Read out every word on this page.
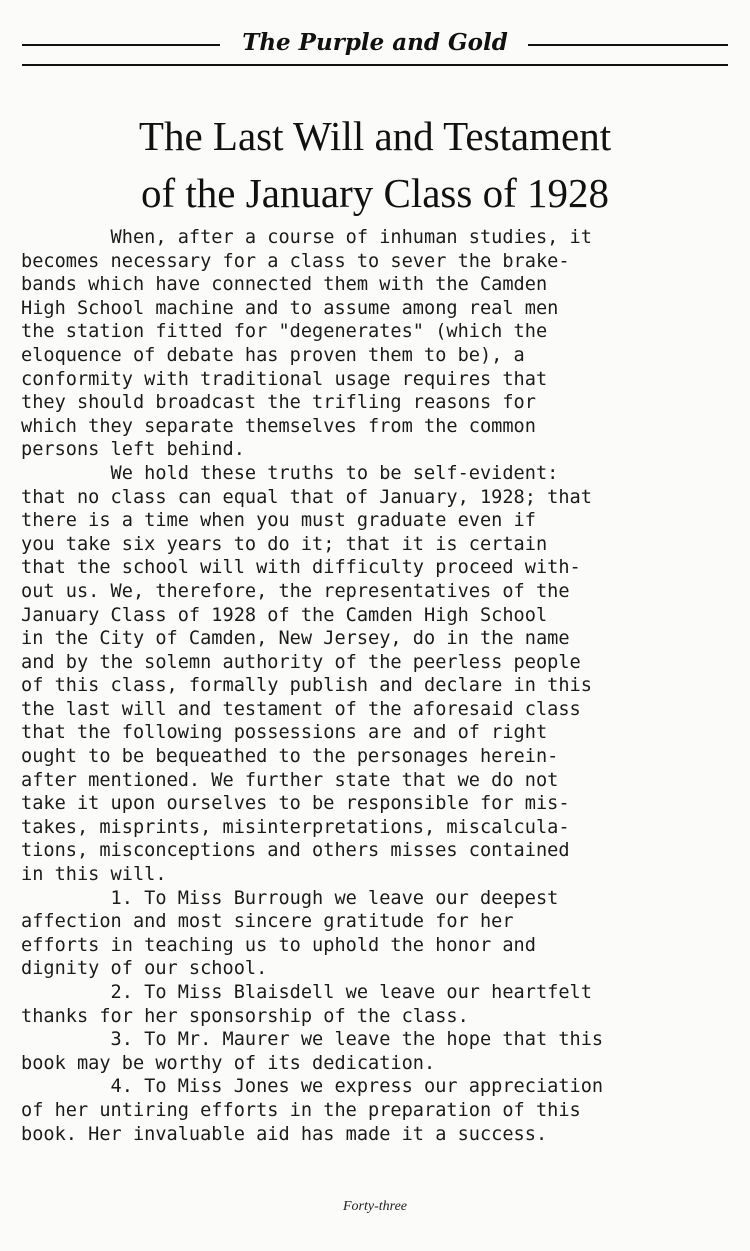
The Purple and Gold
The Last Will and Testament
of the January Class of 1928
When, after a course of inhuman studies, it
becomes necessary for a class to sever the brake-
bands which have connected them with the Camden
High School machine and to assume among real men
the station fitted for "degenerates" (which the
eloquence of debate has proven them to be), a
conformity with traditional usage requires that
they should broadcast the trifling reasons for
which they separate themselves from the common
persons left behind.
We hold these truths to be self-evident:
that no class can equal that of January, 1928; that
there is a time when you must graduate even if
you take six years to do it; that it is certain
that the school will with difficulty proceed with-
out us. We, therefore, the representatives of the
January Class of 1928 of the Camden High School
in the City of Camden, New Jersey, do in the name
and by the solemn authority of the peerless people
of this class, formally publish and declare in this
the last will and testament of the aforesaid class
that the following possessions are and of right
ought to be bequeathed to the personages herein-
after mentioned. We further state that we do not
take it upon ourselves to be responsible for mis-
takes, misprints, misinterpretations, miscalcula-
tions, misconceptions and others misses contained
in this will.
1. To Miss Burrough we leave our deepest
affection and most sincere gratitude for her
efforts in teaching us to uphold the honor and
dignity of our school.
2. To Miss Blaisdell we leave our heartfelt
thanks for her sponsorship of the class.
3. To Mr. Maurer we leave the hope that this
book may be worthy of its dedication.
4. To Miss Jones we express our appreciation
of her untiring efforts in the preparation of this
book. Her invaluable aid has made it a success.
Forty-three
